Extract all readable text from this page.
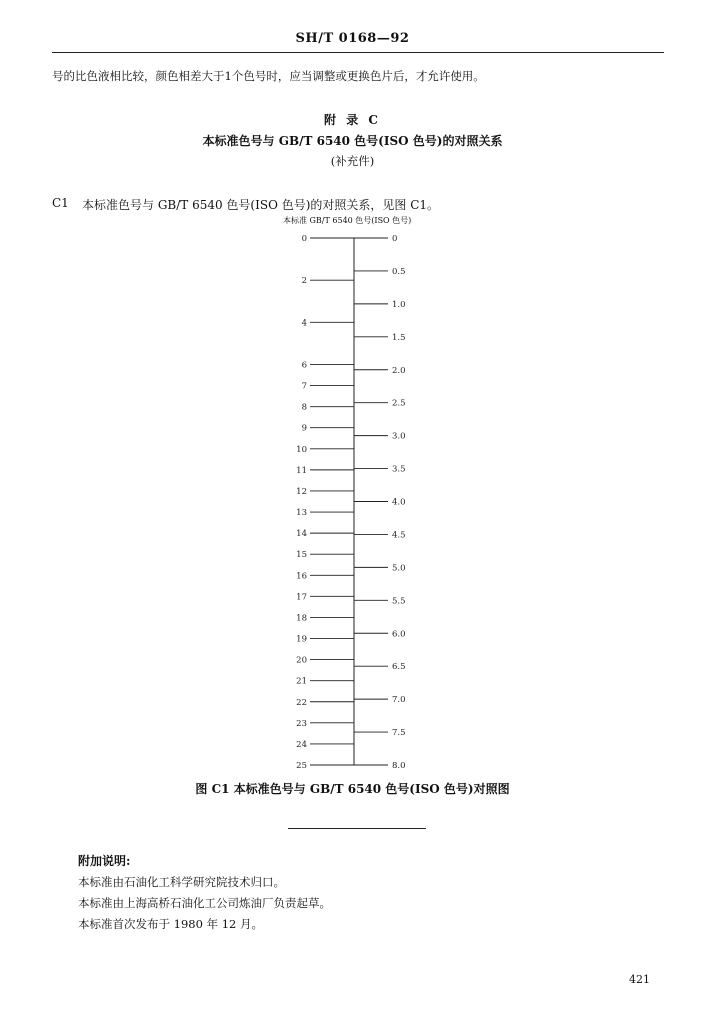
SH/T 0168—92
号的比色液相比较，颜色相差大于1个色号时，应当调整或更换色片后，才允许使用。
附 录 C
本标准色号与 GB/T 6540 色号(ISO 色号)的对照关系
(补充件)
C1 本标准色号与 GB/T 6540 色号(ISO 色号)的对照关系，见图 C1。
本标准 GB/T 6540 色号(ISO 色号)
0
2
4
6
7
8
9
10
11
12
13
14
15
16
17
18
19
20
21
22
23
24
25
0
0.5
1.0
1.5
2.0
2.5
3.0
3.5
4.0
4.5
5.0
5.5
6.0
6.5
7.0
7.5
8.0
图 C1 本标准色号与 GB/T 6540 色号(ISO 色号)对照图
附加说明:
本标准由石油化工科学研究院技术归口。
本标准由上海高桥石油化工公司炼油厂负责起草。
本标准首次发布于 1980 年 12 月。
421
